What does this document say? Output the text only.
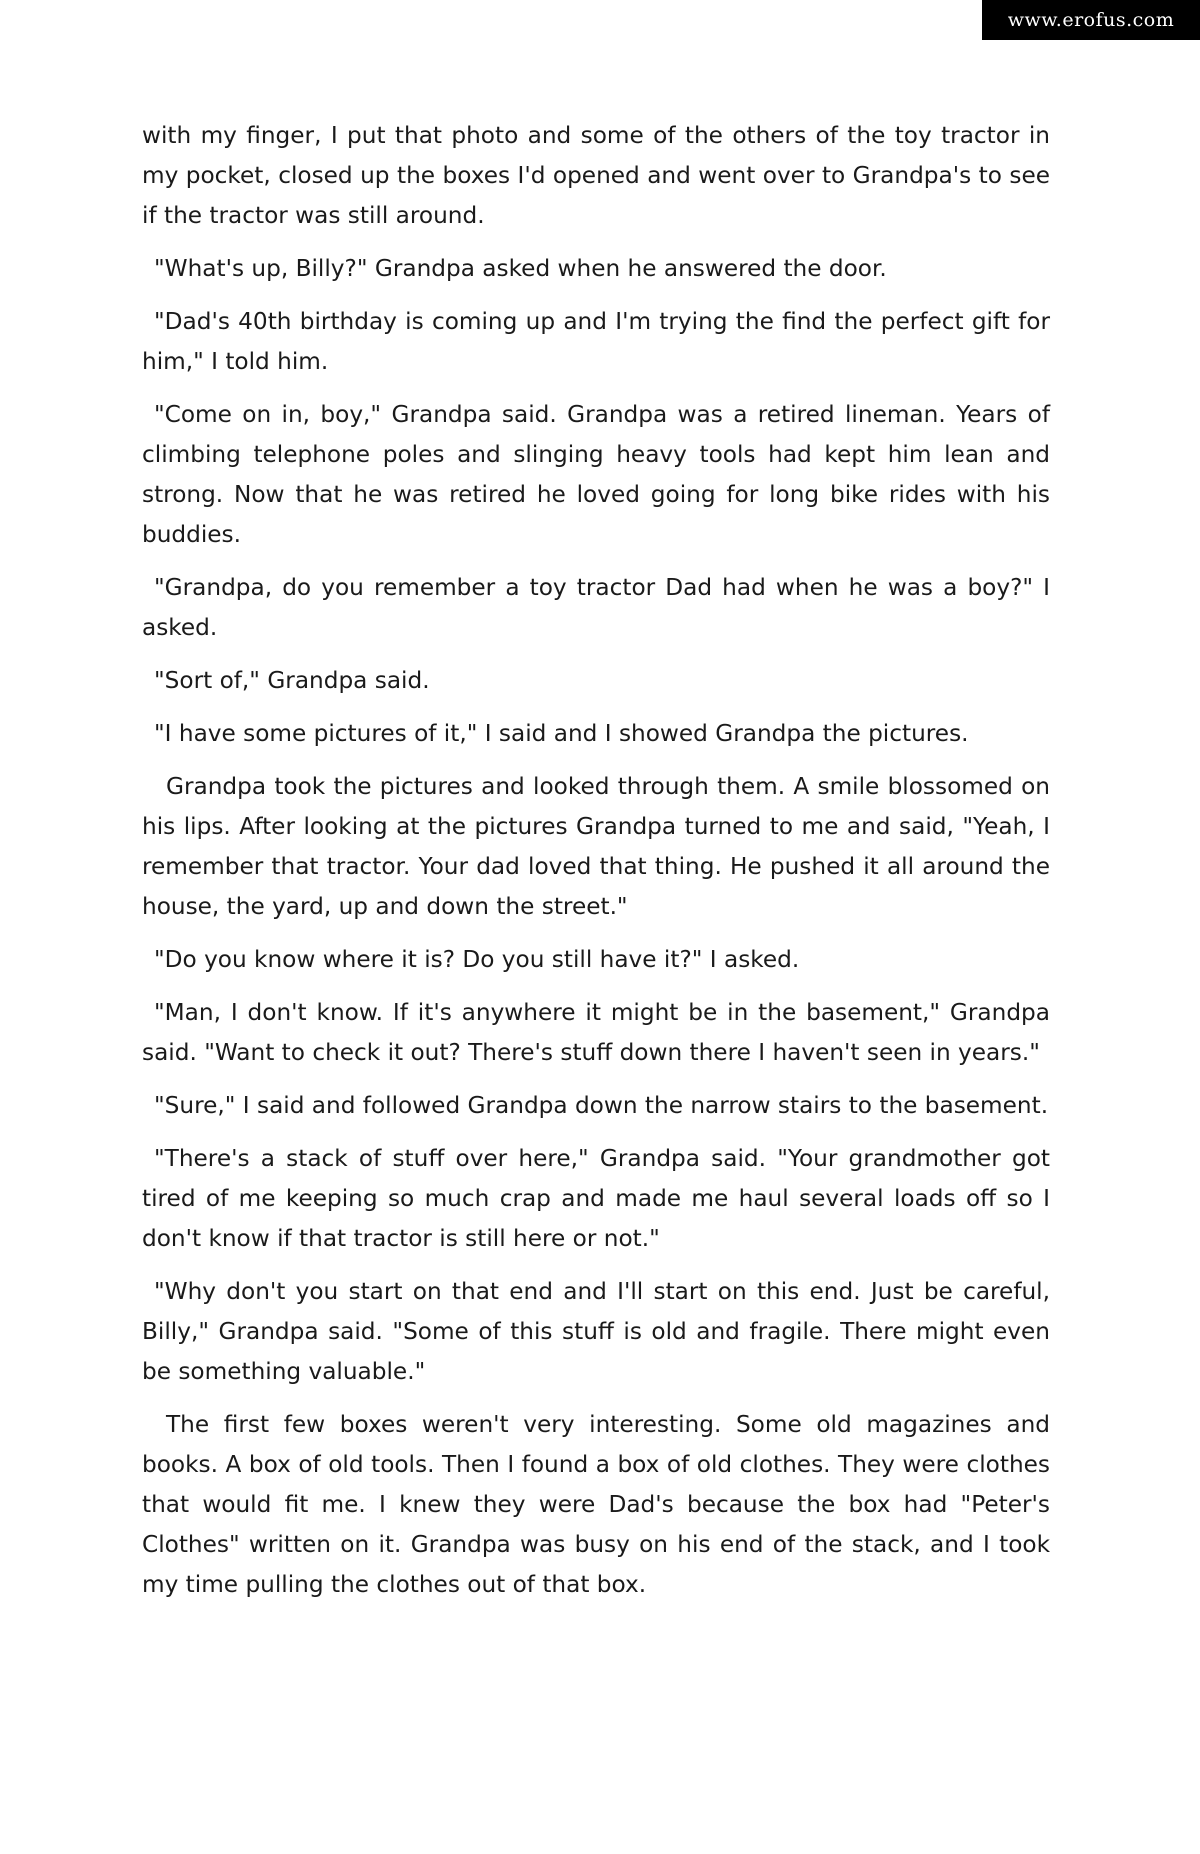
www.erofus.com

with my finger, I put that photo and some of the others of the toy tractor in my pocket, closed up the boxes I'd opened and went over to Grandpa's to see if the tractor was still around.

"What's up, Billy?" Grandpa asked when he answered the door.

"Dad's 40th birthday is coming up and I'm trying the find the perfect gift for him," I told him.

"Come on in, boy," Grandpa said. Grandpa was a retired lineman. Years of climbing telephone poles and slinging heavy tools had kept him lean and strong. Now that he was retired he loved going for long bike rides with his buddies.

"Grandpa, do you remember a toy tractor Dad had when he was a boy?" I asked.

"Sort of," Grandpa said.

"I have some pictures of it," I said and I showed Grandpa the pictures.

Grandpa took the pictures and looked through them. A smile blossomed on his lips. After looking at the pictures Grandpa turned to me and said, "Yeah, I remember that tractor. Your dad loved that thing. He pushed it all around the house, the yard, up and down the street."

"Do you know where it is? Do you still have it?" I asked.

"Man, I don't know. If it's anywhere it might be in the basement," Grandpa said. "Want to check it out? There's stuff down there I haven't seen in years."

"Sure," I said and followed Grandpa down the narrow stairs to the basement.

"There's a stack of stuff over here," Grandpa said. "Your grandmother got tired of me keeping so much crap and made me haul several loads off so I don't know if that tractor is still here or not."

"Why don't you start on that end and I'll start on this end. Just be careful, Billy," Grandpa said. "Some of this stuff is old and fragile. There might even be something valuable."

The first few boxes weren't very interesting. Some old magazines and books. A box of old tools. Then I found a box of old clothes. They were clothes that would fit me. I knew they were Dad's because the box had "Peter's Clothes" written on it. Grandpa was busy on his end of the stack, and I took my time pulling the clothes out of that box.
